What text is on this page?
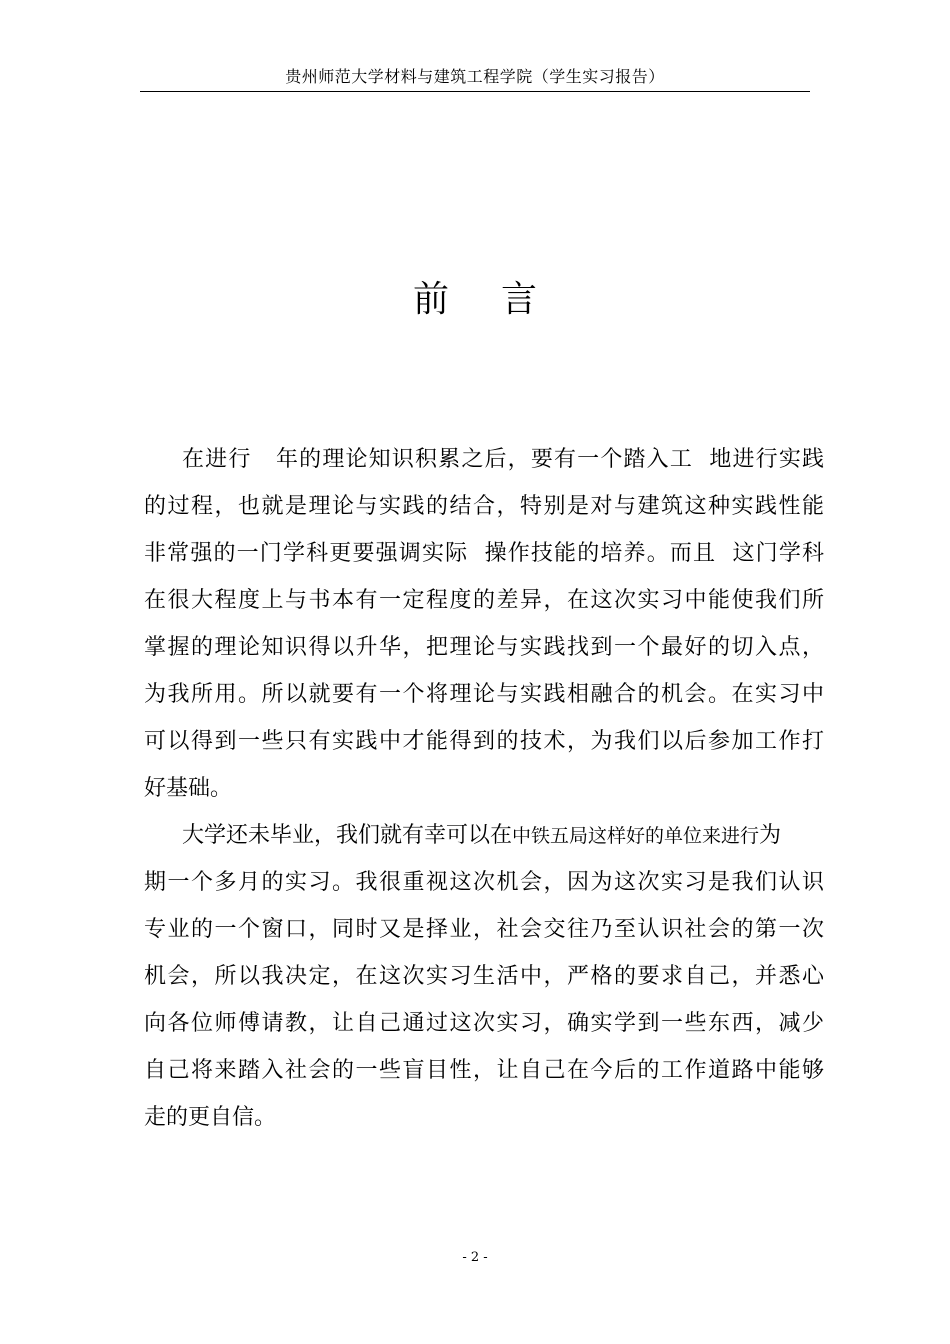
贵州师范大学材料与建筑工程学院（学生实习报告）
前 言
在进行   年的理论知识积累之后，要有一个踏入工  地进行实践
的过程，也就是理论与实践的结合，特别是对与建筑这种实践性能
非常强的一门学科更要强调实际  操作技能的培养。而且  这门学科
在很大程度上与书本有一定程度的差异，在这次实习中能使我们所
掌握的理论知识得以升华，把理论与实践找到一个最好的切入点，
为我所用。所以就要有一个将理论与实践相融合的机会。在实习中
可以得到一些只有实践中才能得到的技术，为我们以后参加工作打
好基础。
大学还未毕业，我们就有幸可以在中铁五局这样好的单位来进行为
期一个多月的实习。我很重视这次机会，因为这次实习是我们认识
专业的一个窗口，同时又是择业，社会交往乃至认识社会的第一次
机会，所以我决定，在这次实习生活中，严格的要求自己，并悉心
向各位师傅请教，让自己通过这次实习，确实学到一些东西，减少
自己将来踏入社会的一些盲目性，让自己在今后的工作道路中能够
走的更自信。
- 2 -
